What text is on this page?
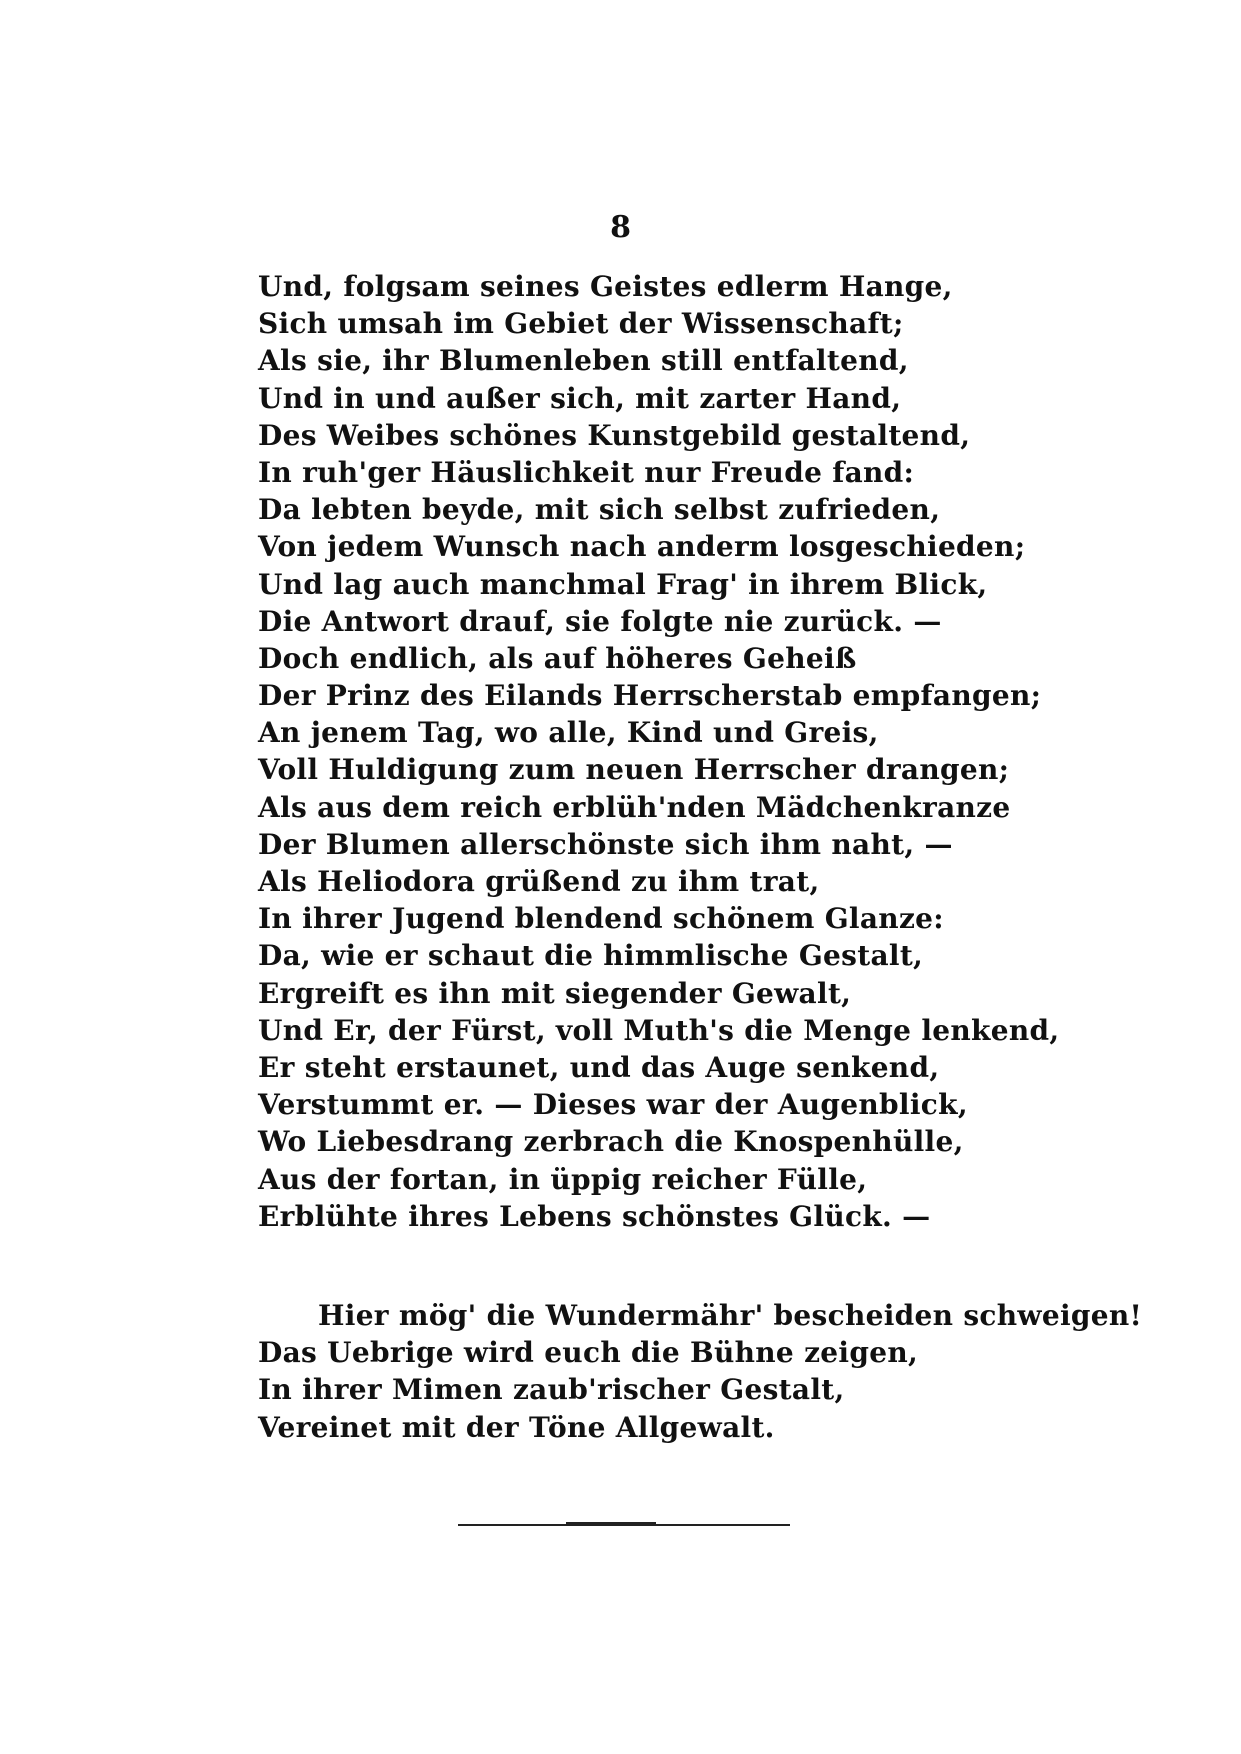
8
Und, folgsam seines Geistes edlerm Hange,
Sich umsah im Gebiet der Wissenschaft;
Als sie, ihr Blumenleben still entfaltend,
Und in und außer sich, mit zarter Hand,
Des Weibes schönes Kunstgebild gestaltend,
In ruh'ger Häuslichkeit nur Freude fand:
Da lebten beyde, mit sich selbst zufrieden,
Von jedem Wunsch nach anderm losgeschieden;
Und lag auch manchmal Frag' in ihrem Blick,
Die Antwort drauf, sie folgte nie zurück. —
Doch endlich, als auf höheres Geheiß
Der Prinz des Eilands Herrscherstab empfangen;
An jenem Tag, wo alle, Kind und Greis,
Voll Huldigung zum neuen Herrscher drangen;
Als aus dem reich erblüh'nden Mädchenkranze
Der Blumen allerschönste sich ihm naht, —
Als Heliodora grüßend zu ihm trat,
In ihrer Jugend blendend schönem Glanze:
Da, wie er schaut die himmlische Gestalt,
Ergreift es ihn mit siegender Gewalt,
Und Er, der Fürst, voll Muth's die Menge lenkend,
Er steht erstaunet, und das Auge senkend,
Verstummt er. — Dieses war der Augenblick,
Wo Liebesdrang zerbrach die Knospenhülle,
Aus der fortan, in üppig reicher Fülle,
Erblühte ihres Lebens schönstes Glück. —
Hier mög' die Wundermähr' bescheiden schweigen!
Das Uebrige wird euch die Bühne zeigen,
In ihrer Mimen zaub'rischer Gestalt,
Vereinet mit der Töne Allgewalt.
